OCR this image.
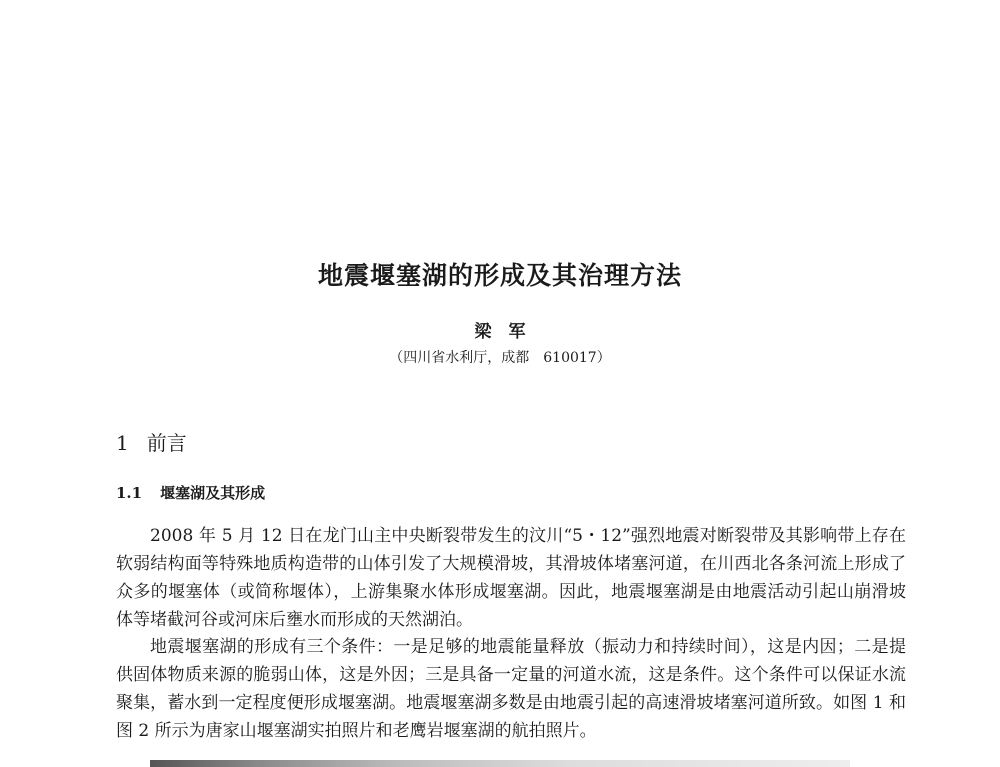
地震堰塞湖的形成及其治理方法

梁　军

（四川省水利厅，成都　610017）

1 前言
1.1 堰塞湖及其形成

2008 年 5 月 12 日在龙门山主中央断裂带发生的汶川“5・12”强烈地震对断裂带及其影响带上存在软弱结构面等特殊地质构造带的山体引发了大规模滑坡，其滑坡体堵塞河道，在川西北各条河流上形成了众多的堰塞体（或简称堰体），上游集聚水体形成堰塞湖。因此，地震堰塞湖是由地震活动引起山崩滑坡体等堵截河谷或河床后壅水而形成的天然湖泊。

地震堰塞湖的形成有三个条件：一是足够的地震能量释放（振动力和持续时间），这是内因；二是提供固体物质来源的脆弱山体，这是外因；三是具备一定量的河道水流，这是条件。这个条件可以保证水流聚集，蓄水到一定程度便形成堰塞湖。地震堰塞湖多数是由地震引起的高速滑坡堵塞河道所致。如图 1 和图 2 所示为唐家山堰塞湖实拍照片和老鹰岩堰塞湖的航拍照片。
